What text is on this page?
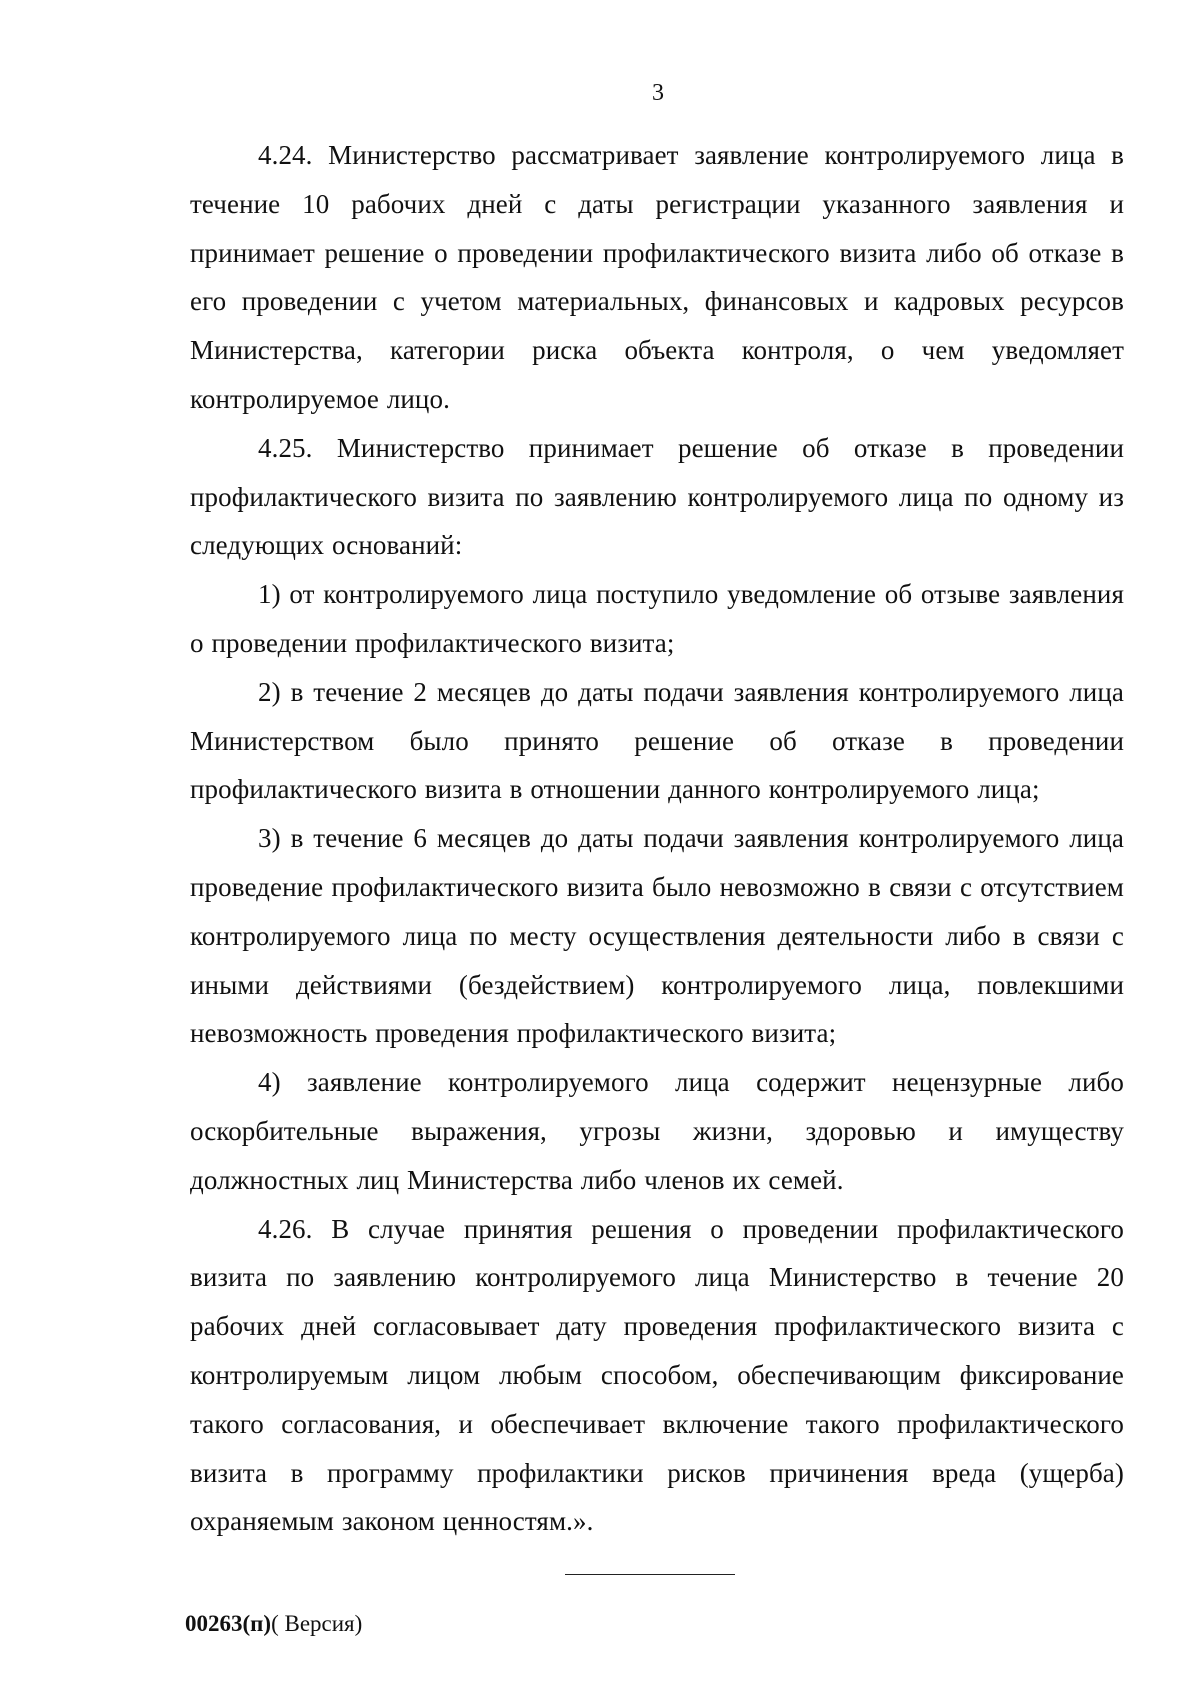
3

4.24. Министерство рассматривает заявление контролируемого лица в течение 10 рабочих дней с даты регистрации указанного заявления и принимает решение о проведении профилактического визита либо об отказе в его проведении с учетом материальных, финансовых и кадровых ресурсов Министерства, категории риска объекта контроля, о чем уведомляет контролируемое лицо.

4.25. Министерство принимает решение об отказе в проведении профилактического визита по заявлению контролируемого лица по одному из следующих оснований:

1) от контролируемого лица поступило уведомление об отзыве заявления о проведении профилактического визита;

2) в течение 2 месяцев до даты подачи заявления контролируемого лица Министерством было принято решение об отказе в проведении профилактического визита в отношении данного контролируемого лица;

3) в течение 6 месяцев до даты подачи заявления контролируемого лица проведение профилактического визита было невозможно в связи с отсутствием контролируемого лица по месту осуществления деятельности либо в связи с иными действиями (бездействием) контролируемого лица, повлекшими невозможность проведения профилактического визита;

4) заявление контролируемого лица содержит нецензурные либо оскорбительные выражения, угрозы жизни, здоровью и имуществу должностных лиц Министерства либо членов их семей.

4.26. В случае принятия решения о проведении профилактического визита по заявлению контролируемого лица Министерство в течение 20 рабочих дней согласовывает дату проведения профилактического визита с контролируемым лицом любым способом, обеспечивающим фиксирование такого согласования, и обеспечивает включение такого профилактического визита в программу профилактики рисков причинения вреда (ущерба) охраняемым законом ценностям.».

00263(п)( Версия)
